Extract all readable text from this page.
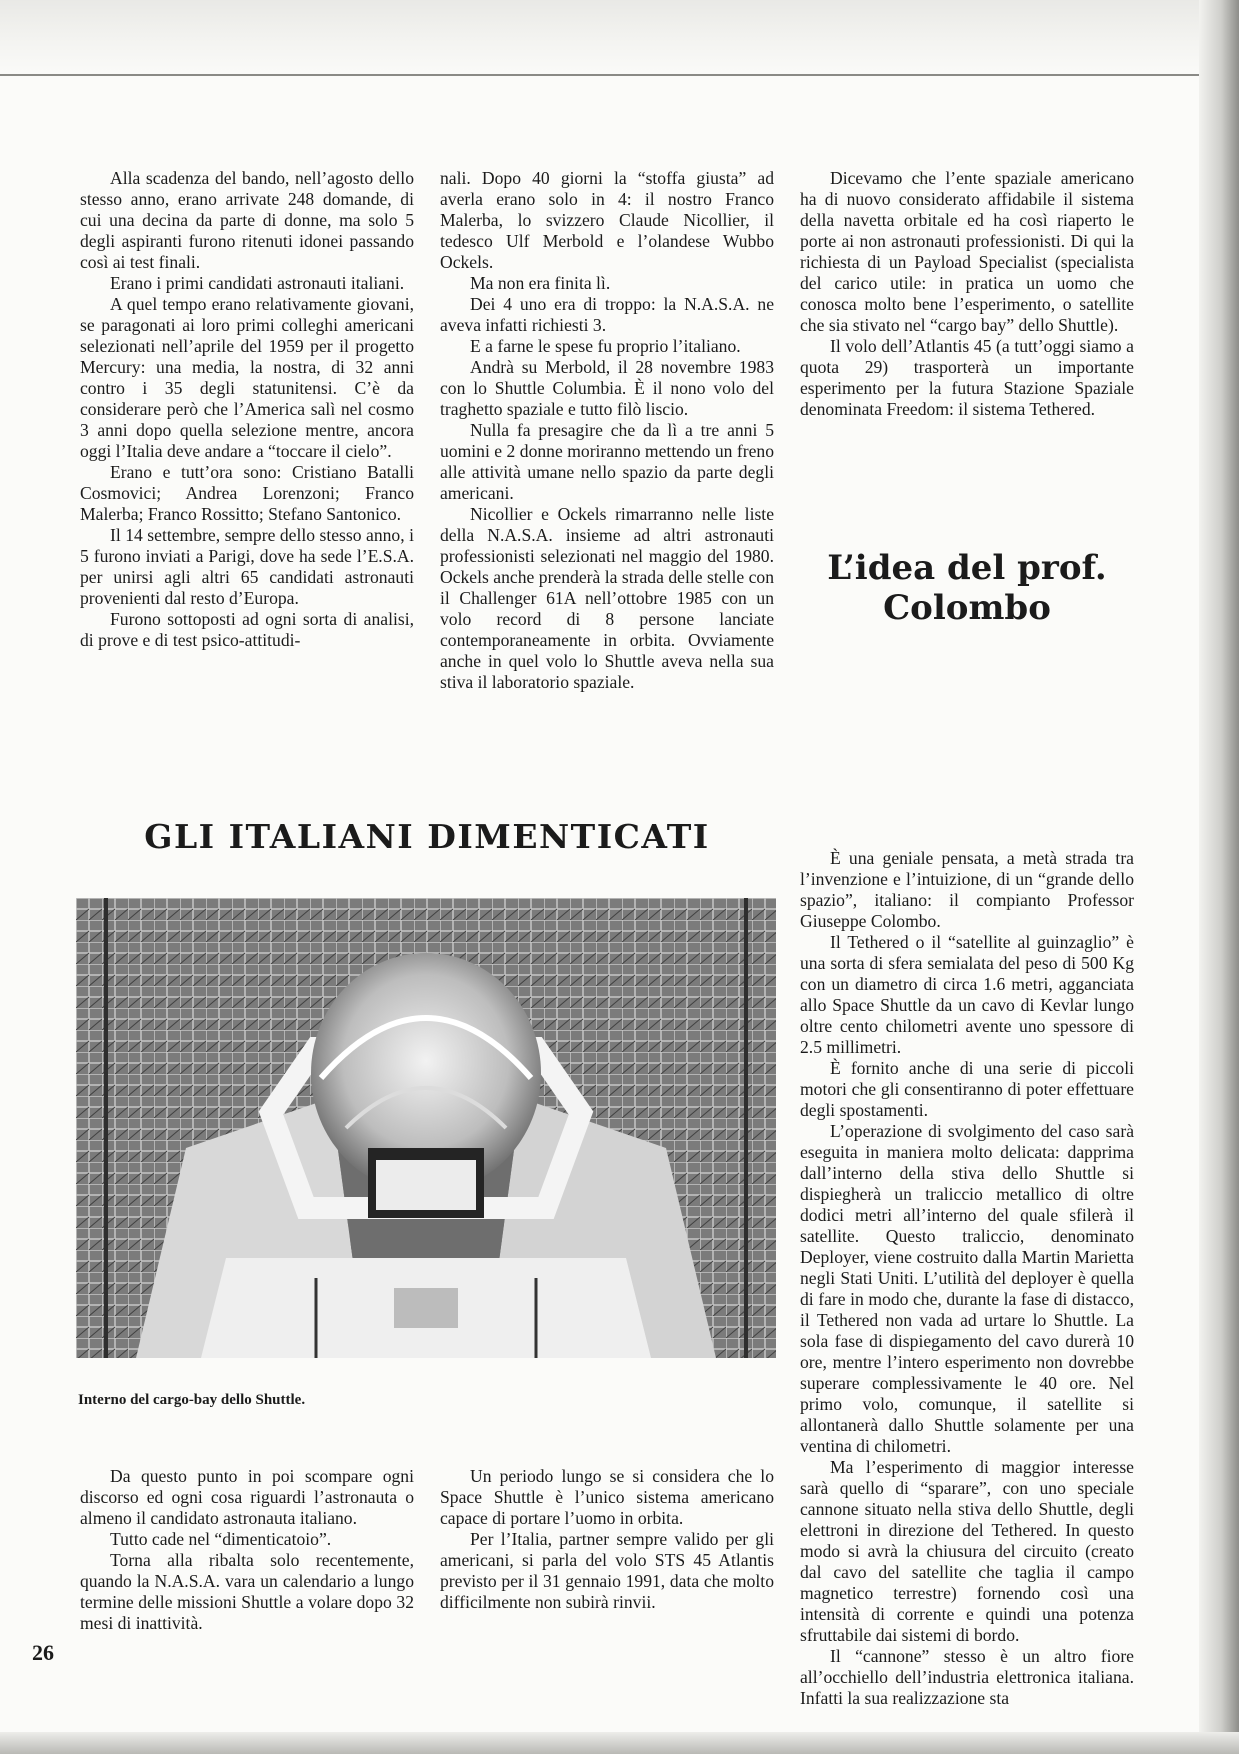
Alla scadenza del bando, nell’agosto dello stesso anno, erano arrivate 248 domande, di cui una decina da parte di donne, ma solo 5 degli aspiranti furono ritenuti idonei passando così ai test finali.

Erano i primi candidati astronauti italiani.

A quel tempo erano relativamente giovani, se paragonati ai loro primi colleghi americani selezionati nell’aprile del 1959 per il progetto Mercury: una media, la nostra, di 32 anni contro i 35 degli statunitensi. C’è da considerare però che l’America salì nel cosmo 3 anni dopo quella selezione mentre, ancora oggi l’Italia deve andare a “toccare il cielo”.

Erano e tutt’ora sono: Cristiano Batalli Cosmovici; Andrea Lorenzoni; Franco Malerba; Franco Rossitto; Stefano Santonico.

Il 14 settembre, sempre dello stesso anno, i 5 furono inviati a Parigi, dove ha sede l’E.S.A. per unirsi agli altri 65 candidati astronauti provenienti dal resto d’Europa.

Furono sottoposti ad ogni sorta di analisi, di prove e di test psico-attitudi-

nali. Dopo 40 giorni la “stoffa giusta” ad averla erano solo in 4: il nostro Franco Malerba, lo svizzero Claude Nicollier, il tedesco Ulf Merbold e l’olandese Wubbo Ockels.

Ma non era finita lì.

Dei 4 uno era di troppo: la N.A.S.A. ne aveva infatti richiesti 3.

E a farne le spese fu proprio l’italiano.

Andrà su Merbold, il 28 novembre 1983 con lo Shuttle Columbia. È il nono volo del traghetto spaziale e tutto filò liscio.

Nulla fa presagire che da lì a tre anni 5 uomini e 2 donne moriranno mettendo un freno alle attività umane nello spazio da parte degli americani.

Nicollier e Ockels rimarranno nelle liste della N.A.S.A. insieme ad altri astronauti professionisti selezionati nel maggio del 1980. Ockels anche prenderà la strada delle stelle con il Challenger 61A nell’ottobre 1985 con un volo record di 8 persone lanciate contemporaneamente in orbita. Ovviamente anche in quel volo lo Shuttle aveva nella sua stiva il laboratorio spaziale.

Dicevamo che l’ente spaziale americano ha di nuovo considerato affidabile il sistema della navetta orbitale ed ha così riaperto le porte ai non astronauti professionisti. Di qui la richiesta di un Payload Specialist (specialista del carico utile: in pratica un uomo che conosca molto bene l’esperimento, o satellite che sia stivato nel “cargo bay” dello Shuttle).

Il volo dell’Atlantis 45 (a tutt’oggi siamo a quota 29) trasporterà un importante esperimento per la futura Stazione Spaziale denominata Freedom: il sistema Tethered.

L’idea del prof. Colombo

È una geniale pensata, a metà strada tra l’invenzione e l’intuizione, di un “grande dello spazio”, italiano: il compianto Professor Giuseppe Colombo.

Il Tethered o il “satellite al guinzaglio” è una sorta di sfera semialata del peso di 500 Kg con un diametro di circa 1.6 metri, agganciata allo Space Shuttle da un cavo di Kevlar lungo oltre cento chilometri avente uno spessore di 2.5 millimetri.

È fornito anche di una serie di piccoli motori che gli consentiranno di poter effettuare degli spostamenti.

L’operazione di svolgimento del caso sarà eseguita in maniera molto delicata: dapprima dall’interno della stiva dello Shuttle si dispiegherà un traliccio metallico di oltre dodici metri all’interno del quale sfilerà il satellite. Questo traliccio, denominato Deployer, viene costruito dalla Martin Marietta negli Stati Uniti. L’utilità del deployer è quella di fare in modo che, durante la fase di distacco, il Tethered non vada ad urtare lo Shuttle. La sola fase di dispiegamento del cavo durerà 10 ore, mentre l’intero esperimento non dovrebbe superare complessivamente le 40 ore. Nel primo volo, comunque, il satellite si allontanerà dallo Shuttle solamente per una ventina di chilometri.

Ma l’esperimento di maggior interesse sarà quello di “sparare”, con uno speciale cannone situato nella stiva dello Shuttle, degli elettroni in direzione del Tethered. In questo modo si avrà la chiusura del circuito (creato dal cavo del satellite che taglia il campo magnetico terrestre) fornendo così una intensità di corrente e quindi una potenza sfruttabile dai sistemi di bordo.

Il “cannone” stesso è un altro fiore all’occhiello dell’industria elettronica italiana. Infatti la sua realizzazione sta

GLI ITALIANI DIMENTICATI
Interno del cargo-bay dello Shuttle.

Da questo punto in poi scompare ogni discorso ed ogni cosa riguardi l’astronauta o almeno il candidato astronauta italiano.

Tutto cade nel “dimenticatoio”.

Torna alla ribalta solo recentemente, quando la N.A.S.A. vara un calendario a lungo termine delle missioni Shuttle a volare dopo 32 mesi di inattività.

Un periodo lungo se si considera che lo Space Shuttle è l’unico sistema americano capace di portare l’uomo in orbita.

Per l’Italia, partner sempre valido per gli americani, si parla del volo STS 45 Atlantis previsto per il 31 gennaio 1991, data che molto difficilmente non subirà rinvii.

26
